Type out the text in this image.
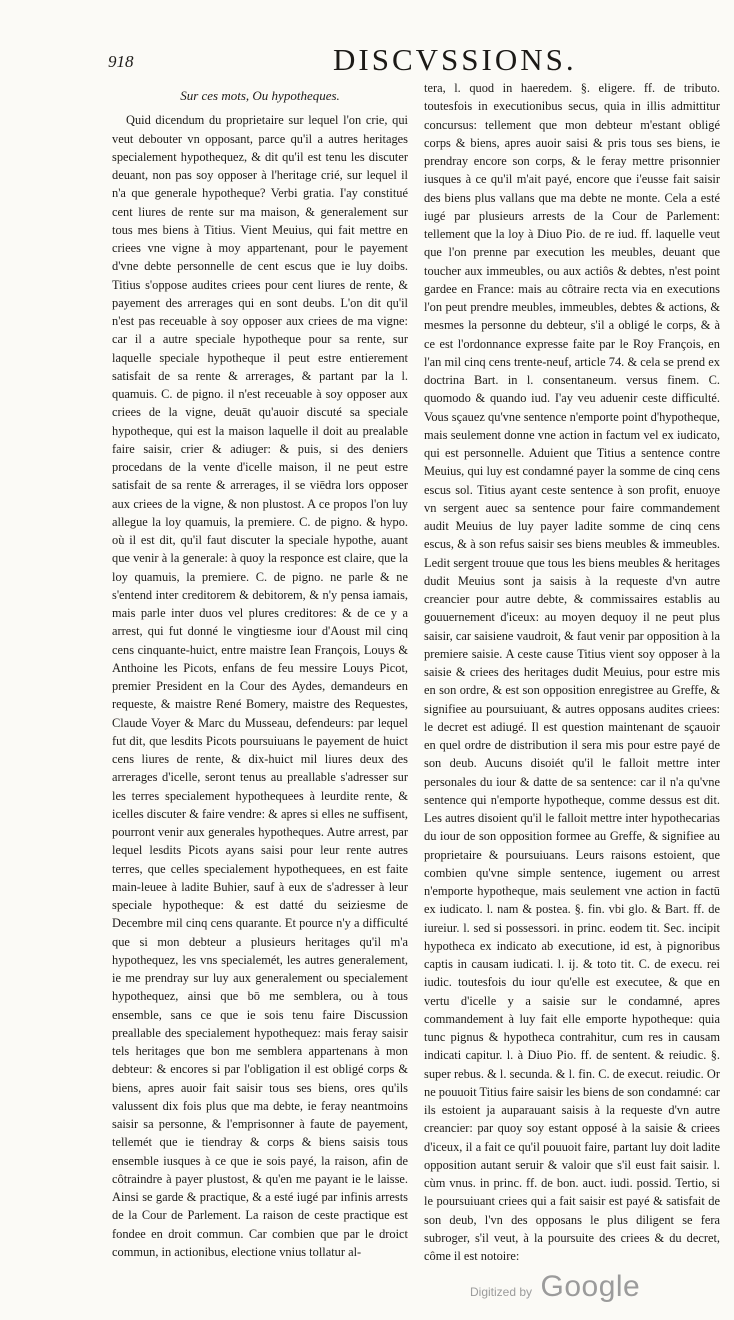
918	DISCVSSIONS.

Sur ces mots, Ou hypotheques.

Quid dicendum du proprietaire sur lequel l'on crie, qui veut debouter vn opposant, parce qu'il a autres heritages specialement hypothequez, & dit qu'il est tenu les discuter deuant, non pas soy opposer à l'heritage crié, sur lequel il n'a que generale hypotheque? Verbi gratia. I'ay constitué cent liures de rente sur ma maison, & generalement sur tous mes biens à Titius. Vient Meuius, qui fait mettre en criees vne vigne à moy appartenant, pour le payement d'vne debte personnelle de cent escus que ie luy doibs. Titius s'oppose audites criees pour cent liures de rente, & payement des arrerages qui en sont deubs. L'on dit qu'il n'est pas receuable à soy opposer aux criees de ma vigne: car il a autre speciale hypotheque pour sa rente, sur laquelle speciale hypotheque il peut estre entierement satisfait de sa rente & arrerages, & partant par la l. quamuis. C. de pigno. il n'est receuable à soy opposer aux criees de la vigne, deuāt qu'auoir discuté sa speciale hypotheque, qui est la maison laquelle il doit au prealable faire saisir, crier & adiuger: & puis, si des deniers procedans de la vente d'icelle maison, il ne peut estre satisfait de sa rente & arrerages, il se viēdra lors opposer aux criees de la vigne, & non plustost. A ce propos l'on luy allegue la loy quamuis, la premiere. C. de pigno. & hypo. où il est dit, qu'il faut discuter la speciale hypothe, auant que venir à la generale: à quoy la responce est claire, que la loy quamuis, la premiere. C. de pigno. ne parle & ne s'entend inter creditorem & debitorem, & n'y pensa iamais, mais parle inter duos vel plures creditores: & de ce y a arrest, qui fut donné le vingtiesme iour d'Aoust mil cinq cens cinquante-huict, entre maistre Iean François, Louys & Anthoine les Picots, enfans de feu messire Louys Picot, premier President en la Cour des Aydes, demandeurs en requeste, & maistre René Bomery, maistre des Requestes, Claude Voyer & Marc du Musseau, defendeurs: par lequel fut dit, que lesdits Picots poursuiuans le payement de huict cens liures de rente, & dix-huict mil liures deux des arrerages d'icelle, seront tenus au preallable s'adresser sur les terres specialement hypothequees à leurdite rente, & icelles discuter & faire vendre: & apres si elles ne suffisent, pourront venir aux generales hypotheques. Autre arrest, par lequel lesdits Picots ayans saisi pour leur rente autres terres, que celles specialement hypothequees, en est faite main-leuee à ladite Buhier, sauf à eux de s'adresser à leur speciale hypotheque: & est datté du seiziesme de Decembre mil cinq cens quarante. Et pource n'y a difficulté que si mon debteur a plusieurs heritages qu'il m'a hypothequez, les vns specialemét, les autres generalement, ie me prendray sur luy aux generalement ou specialement hypothequez, ainsi que bō me semblera, ou à tous ensemble, sans ce que ie sois tenu faire Discussion preallable des specialement hypothequez: mais feray saisir tels heritages que bon me semblera appartenans à mon debteur: & encores si par l'obligation il est obligé corps & biens, apres auoir fait saisir tous ses biens, ores qu'ils valussent dix fois plus que ma debte, ie feray neantmoins saisir sa personne, & l'emprisonner à faute de payement, tellemét que ie tiendray & corps & biens saisis tous ensemble iusques à ce que ie sois payé, la raison, afin de côtraindre à payer plustost, & qu'en me payant ie le laisse. Ainsi se garde & practique, & a esté iugé par infinis arrests de la Cour de Parlement. La raison de ceste practique est fondee en droit commun. Car combien que par le droict commun, in actionibus, electione vnius tollatur al-

tera, l. quod in haeredem. §. eligere. ff. de tributo. toutesfois in executionibus secus, quia in illis admittitur concursus: tellement que mon debteur m'estant obligé corps & biens, apres auoir saisi & pris tous ses biens, ie prendray encore son corps, & le feray mettre prisonnier iusques à ce qu'il m'ait payé, encore que i'eusse fait saisir des biens plus vallans que ma debte ne monte. Cela a esté iugé par plusieurs arrests de la Cour de Parlement: tellement que la loy à Diuo Pio. de re iud. ff. laquelle veut que l'on prenne par execution les meubles, deuant que toucher aux immeubles, ou aux actiôs & debtes, n'est point gardee en France: mais au côtraire recta via en executions l'on peut prendre meubles, immeubles, debtes & actions, & mesmes la personne du debteur, s'il a obligé le corps, & à ce est l'ordonnance expresse faite par le Roy François, en l'an mil cinq cens trente-neuf, article 74. & cela se prend ex doctrina Bart. in l. consentaneum. versus finem. C. quomodo & quando iud. I'ay veu aduenir ceste difficulté. Vous sçauez qu'vne sentence n'emporte point d'hypotheque, mais seulement donne vne action in factum vel ex iudicato, qui est personnelle. Aduient que Titius a sentence contre Meuius, qui luy est condamné payer la somme de cinq cens escus sol. Titius ayant ceste sentence à son profit, enuoye vn sergent auec sa sentence pour faire commandement audit Meuius de luy payer ladite somme de cinq cens escus, & à son refus saisir ses biens meubles & immeubles. Ledit sergent trouue que tous les biens meubles & heritages dudit Meuius sont ja saisis à la requeste d'vn autre creancier pour autre debte, & commissaires establis au gouuernement d'iceux: au moyen dequoy il ne peut plus saisir, car saisiene vaudroit, & faut venir par opposition à la premiere saisie. A ceste cause Titius vient soy opposer à la saisie & criees des heritages dudit Meuius, pour estre mis en son ordre, & est son opposition enregistree au Greffe, & signifiee au poursuiuant, & autres opposans audites criees: le decret est adiugé. Il est question maintenant de sçauoir en quel ordre de distribution il sera mis pour estre payé de son deub. Aucuns disoiét qu'il le falloit mettre inter personales du iour & datte de sa sentence: car il n'a qu'vne sentence qui n'emporte hypotheque, comme dessus est dit. Les autres disoient qu'il le falloit mettre inter hypothecarias du iour de son opposition formee au Greffe, & signifiee au proprietaire & poursuiuans. Leurs raisons estoient, que combien qu'vne simple sentence, iugement ou arrest n'emporte hypotheque, mais seulement vne action in factū ex iudicato. l. nam & postea. §. fin. vbi glo. & Bart. ff. de iureiur. l. sed si possessori. in princ. eodem tit. Sec. incipit hypotheca ex indicato ab executione, id est, à pignoribus captis in causam iudicati. l. ij. & toto tit. C. de execu. rei iudic. toutesfois du iour qu'elle est executee, & que en vertu d'icelle y a saisie sur le condamné, apres commandement à luy fait elle emporte hypotheque: quia tunc pignus & hypotheca contrahitur, cum res in causam indicati capitur. l. à Diuo Pio. ff. de sentent. & reiudic. §. super rebus. & l. secunda. & l. fin. C. de execut. reiudic. Or ne pouuoit Titius faire saisir les biens de son condamné: car ils estoient ja auparauant saisis à la requeste d'vn autre creancier: par quoy soy estant opposé à la saisie & criees d'iceux, il a fait ce qu'il pouuoit faire, partant luy doit ladite opposition autant seruir & valoir que s'il eust fait saisir. l. cùm vnus. in princ. ff. de bon. auct. iudi. possid. Tertio, si le poursuiuant criees qui a fait saisir est payé & satisfait de son deub, l'vn des opposans le plus diligent se fera subroger, s'il veut, à la poursuite des criees & du decret, côme il est notoire:

Digitized by Google
